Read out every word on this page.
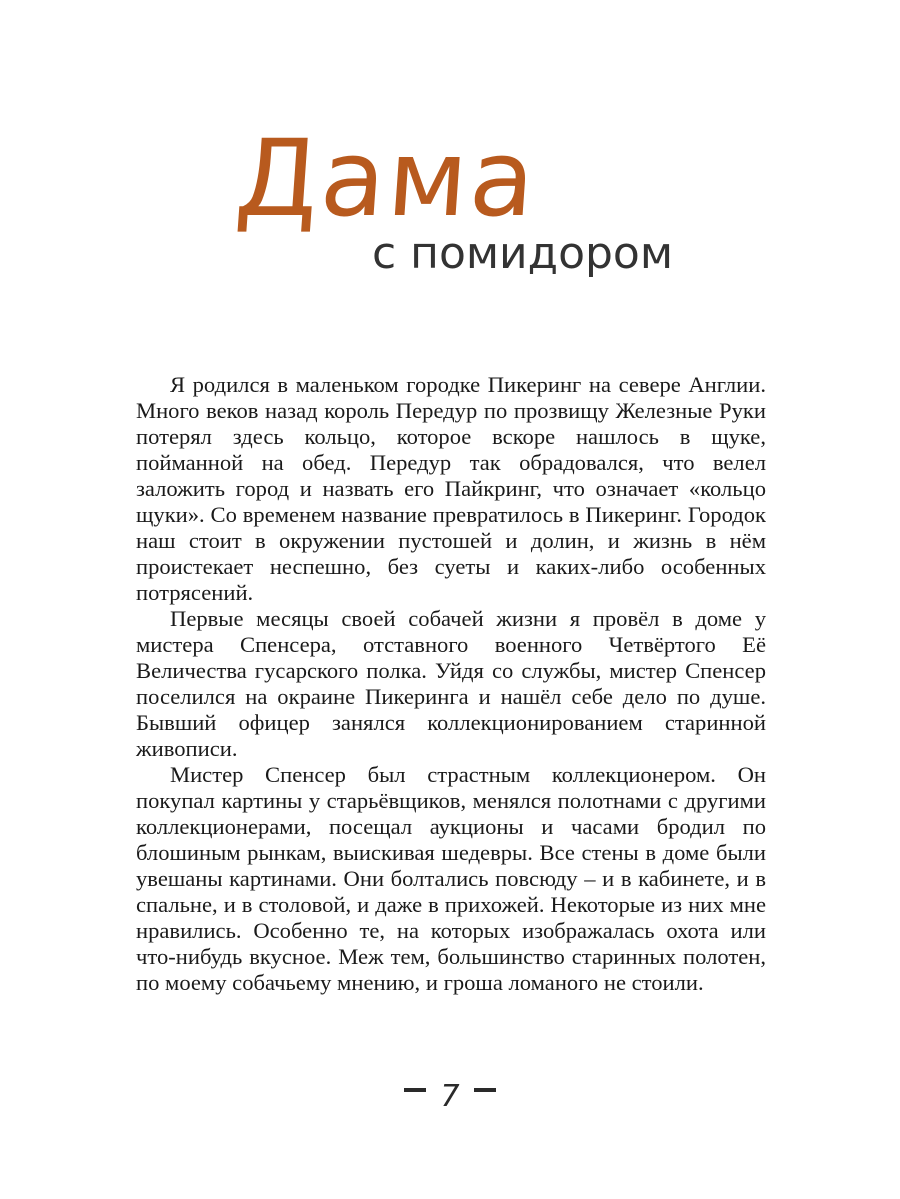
Дама
с помидором

Я родился в маленьком городке Пикеринг на севере Англии. Много веков назад король Передур по прозвищу Железные Руки потерял здесь кольцо, которое вскоре нашлось в щуке, пойманной на обед. Передур так обрадовался, что велел заложить город и назвать его Пайкринг, что означает «кольцо щуки». Со временем название превратилось в Пикеринг. Городок наш стоит в окружении пустошей и долин, и жизнь в нём проистекает неспешно, без суеты и каких-либо особенных потрясений.

Первые месяцы своей собачей жизни я провёл в доме у мистера Спенсера, отставного военного Четвёртого Её Величества гусарского полка. Уйдя со службы, мистер Спенсер поселился на окраине Пикеринга и нашёл себе дело по душе. Бывший офицер занялся коллекционированием старинной живописи.

Мистер Спенсер был страстным коллекционером. Он покупал картины у старьёвщиков, менялся полотнами с другими коллекционерами, посещал аукционы и часами бродил по блошиным рынкам, выискивая шедевры. Все стены в доме были увешаны картинами. Они болтались повсюду – и в кабинете, и в спальне, и в столовой, и даже в прихожей. Некоторые из них мне нравились. Особенно те, на которых изображалась охота или что-нибудь вкусное. Меж тем, большинство старинных полотен, по моему собачьему мнению, и гроша ломаного не стоили.

7
